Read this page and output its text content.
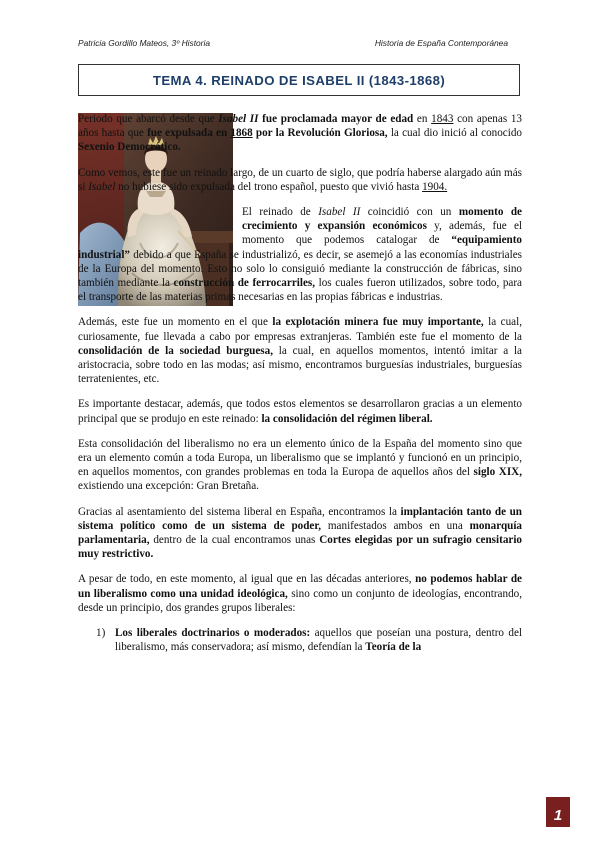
Patricia Gordillo Mateos, 3º Historia	Historia de España Contemporánea
TEMA 4. REINADO DE ISABEL II (1843-1868)

Periodo que abarcó desde que Isabel II fue proclamada mayor de edad en 1843 con apenas 13 años hasta que fue expulsada en 1868 por la Revolución Gloriosa, la cual dio inició al conocido Sexenio Democrático.

Como vemos, este fue un reinado largo, de un cuarto de siglo, que podría haberse alargado aún más si Isabel no hubiese sido expulsada del trono español, puesto que vivió hasta 1904.

El reinado de Isabel II coincidió con un momento de crecimiento y expansión económicos y, además, fue el momento que podemos catalogar de “equipamiento industrial” debido a que España se industrializó, es decir, se asemejó a las economías industriales de la Europa del momento. Esto no solo lo consiguió mediante la construcción de fábricas, sino también mediante la construcción de ferrocarriles, los cuales fueron utilizados, sobre todo, para el transporte de las materias primas necesarias en las propias fábricas e industrias.

Además, este fue un momento en el que la explotación minera fue muy importante, la cual, curiosamente, fue llevada a cabo por empresas extranjeras. También este fue el momento de la consolidación de la sociedad burguesa, la cual, en aquellos momentos, intentó imitar a la aristocracia, sobre todo en las modas; así mismo, encontramos burguesías industriales, burguesías terratenientes, etc.

Es importante destacar, además, que todos estos elementos se desarrollaron gracias a un elemento principal que se produjo en este reinado: la consolidación del régimen liberal.

Esta consolidación del liberalismo no era un elemento único de la España del momento sino que era un elemento común a toda Europa, un liberalismo que se implantó y funcionó en un principio, en aquellos momentos, con grandes problemas en toda la Europa de aquellos años del siglo XIX, existiendo una excepción: Gran Bretaña.

Gracias al asentamiento del sistema liberal en España, encontramos la implantación tanto de un sistema político como de un sistema de poder, manifestados ambos en una monarquía parlamentaria, dentro de la cual encontramos unas Cortes elegidas por un sufragio censitario muy restrictivo.

A pesar de todo, en este momento, al igual que en las décadas anteriores, no podemos hablar de un liberalismo como una unidad ideológica, sino como un conjunto de ideologías, encontrando, desde un principio, dos grandes grupos liberales:

1) Los liberales doctrinarios o moderados: aquellos que poseían una postura, dentro del liberalismo, más conservadora; así mismo, defendían la Teoría de la

1
